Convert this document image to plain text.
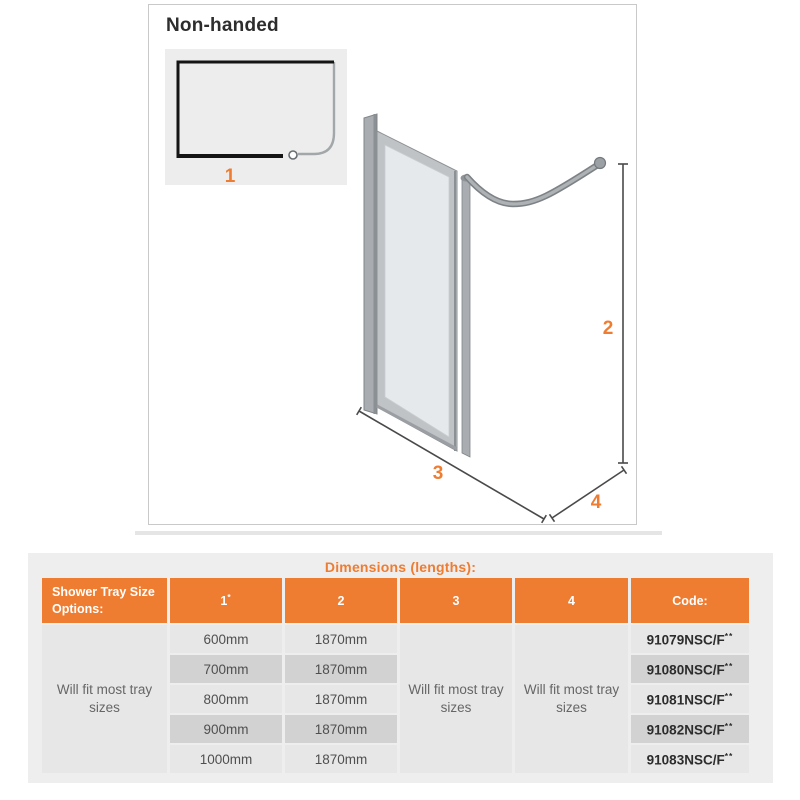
Non-handed
1
2
3
4
Dimensions (lengths):
Shower Tray Size Options:	1*	2	3	4	Code:
Will fit most tray sizes	600mm	1870mm	Will fit most tray sizes	Will fit most tray sizes	91079NSC/F**
	700mm	1870mm			91080NSC/F**
	800mm	1870mm			91081NSC/F**
	900mm	1870mm			91082NSC/F**
	1000mm	1870mm			91083NSC/F**
